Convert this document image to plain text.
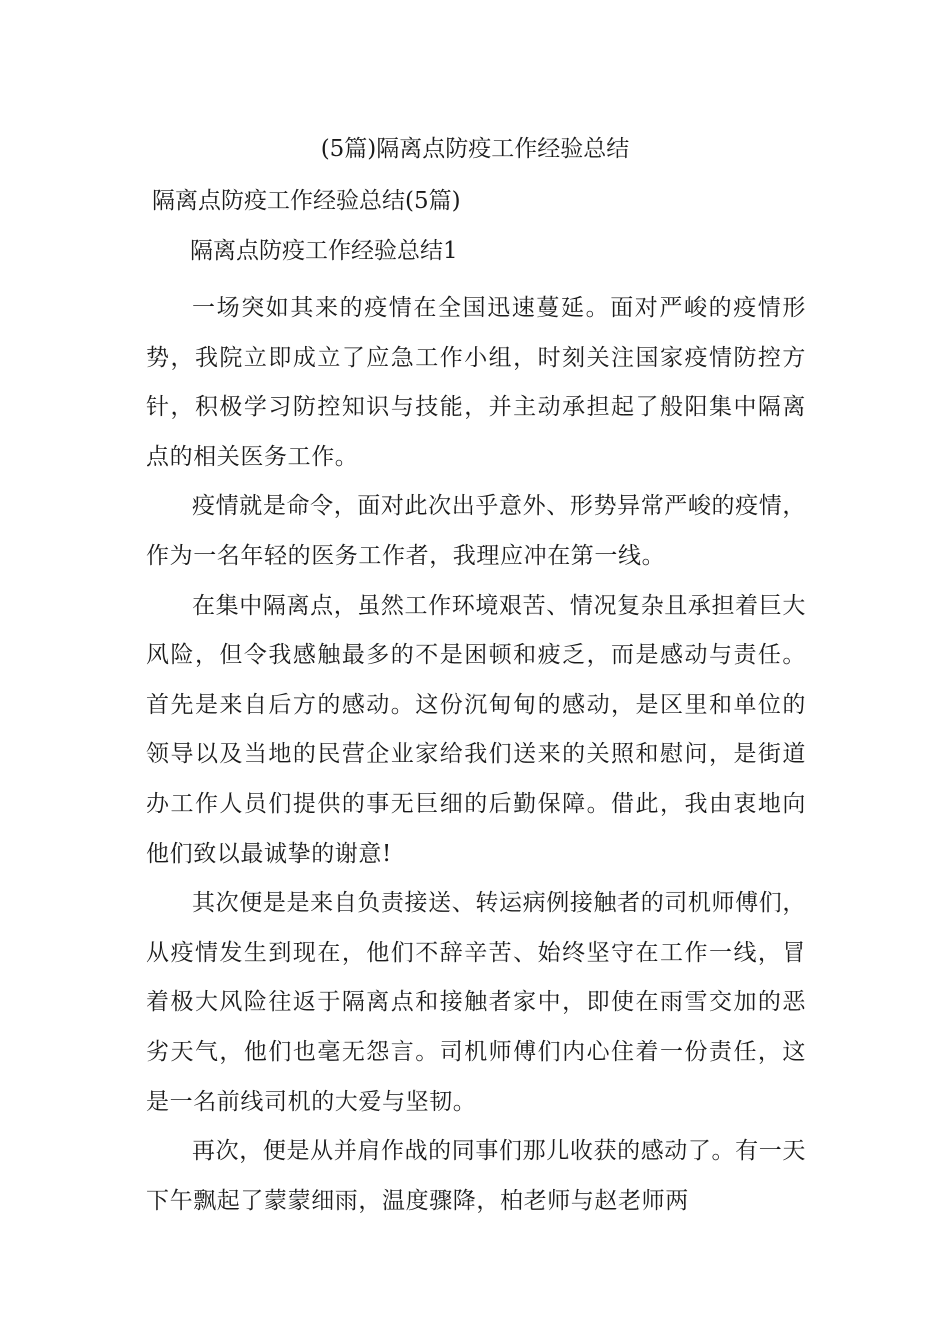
(5篇)隔离点防疫工作经验总结
隔离点防疫工作经验总结(5篇)
隔离点防疫工作经验总结1

一场突如其来的疫情在全国迅速蔓延。面对严峻的疫情形势，我院立即成立了应急工作小组，时刻关注国家疫情防控方针，积极学习防控知识与技能，并主动承担起了般阳集中隔离点的相关医务工作。

疫情就是命令，面对此次出乎意外、形势异常严峻的疫情，作为一名年轻的医务工作者，我理应冲在第一线。

在集中隔离点，虽然工作环境艰苦、情况复杂且承担着巨大风险，但令我感触最多的不是困顿和疲乏，而是感动与责任。首先是来自后方的感动。这份沉甸甸的感动，是区里和单位的领导以及当地的民营企业家给我们送来的关照和慰问，是街道办工作人员们提供的事无巨细的后勤保障。借此，我由衷地向他们致以最诚挚的谢意!

其次便是是来自负责接送、转运病例接触者的司机师傅们，从疫情发生到现在，他们不辞辛苦、始终坚守在工作一线，冒着极大风险往返于隔离点和接触者家中，即使在雨雪交加的恶劣天气，他们也毫无怨言。司机师傅们内心住着一份责任，这是一名前线司机的大爱与坚韧。

再次，便是从并肩作战的同事们那儿收获的感动了。有一天下午飘起了蒙蒙细雨，温度骤降，柏老师与赵老师两
